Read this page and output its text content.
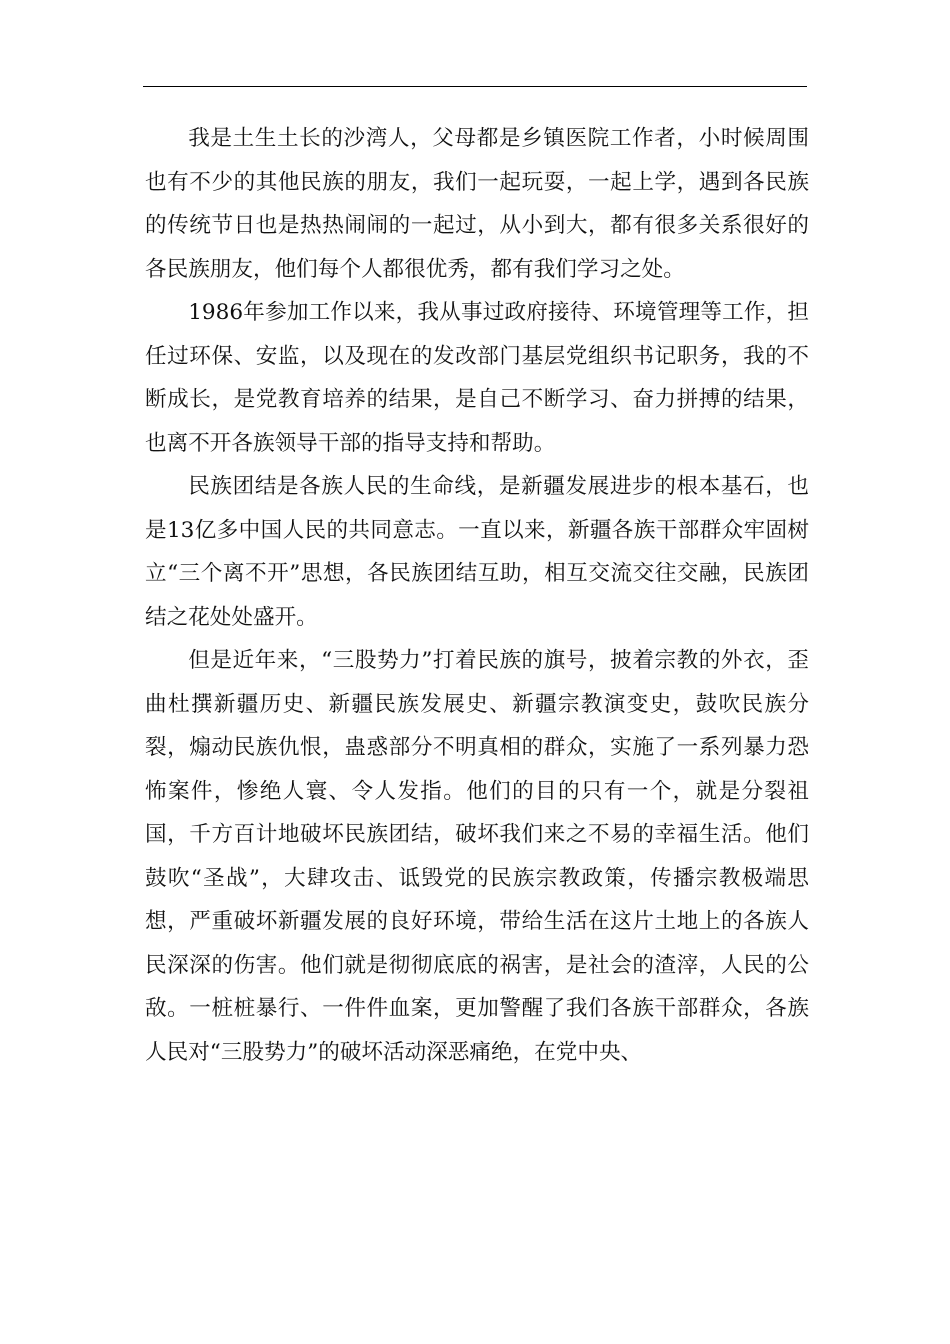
我是土生土长的沙湾人，父母都是乡镇医院工作者，小时候周围也有不少的其他民族的朋友，我们一起玩耍，一起上学，遇到各民族的传统节日也是热热闹闹的一起过，从小到大，都有很多关系很好的各民族朋友，他们每个人都很优秀，都有我们学习之处。

1986年参加工作以来，我从事过政府接待、环境管理等工作，担任过环保、安监，以及现在的发改部门基层党组织书记职务，我的不断成长，是党教育培养的结果，是自己不断学习、奋力拼搏的结果，也离不开各族领导干部的指导支持和帮助。

民族团结是各族人民的生命线，是新疆发展进步的根本基石，也是13亿多中国人民的共同意志。一直以来，新疆各族干部群众牢固树立“三个离不开”思想，各民族团结互助，相互交流交往交融，民族团结之花处处盛开。

但是近年来，“三股势力”打着民族的旗号，披着宗教的外衣，歪曲杜撰新疆历史、新疆民族发展史、新疆宗教演变史，鼓吹民族分裂，煽动民族仇恨，蛊惑部分不明真相的群众，实施了一系列暴力恐怖案件，惨绝人寰、令人发指。他们的目的只有一个，就是分裂祖国，千方百计地破坏民族团结，破坏我们来之不易的幸福生活。他们鼓吹“圣战”，大肆攻击、诋毁党的民族宗教政策，传播宗教极端思想，严重破坏新疆发展的良好环境，带给生活在这片土地上的各族人民深深的伤害。他们就是彻彻底底的祸害，是社会的渣滓，人民的公敌。一桩桩暴行、一件件血案，更加警醒了我们各族干部群众，各族人民对“三股势力”的破坏活动深恶痛绝，在党中央、
